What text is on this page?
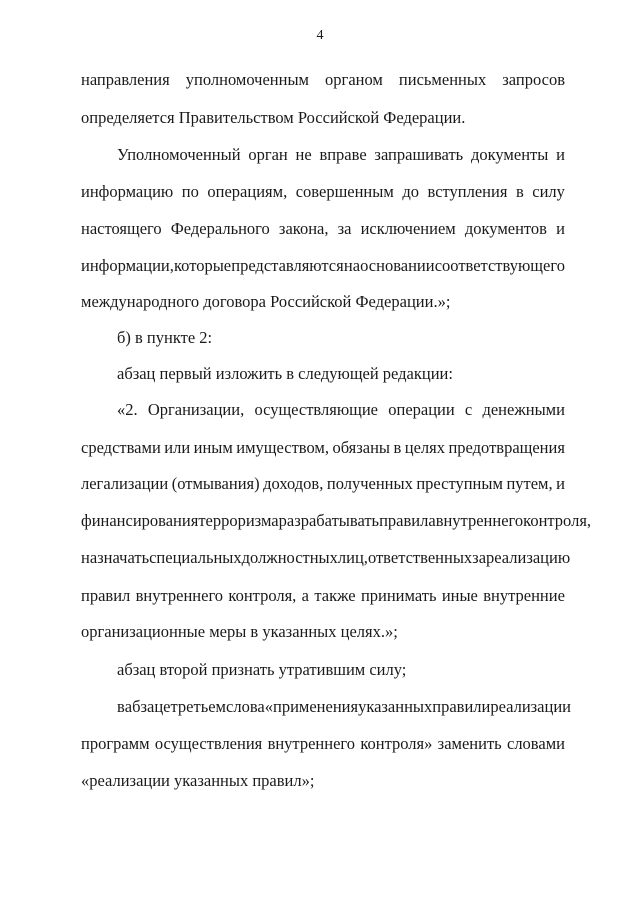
4
направления уполномоченным органом письменных запросов
определяется Правительством Российской Федерации.
Уполномоченный орган не вправе запрашивать документы и
информацию по операциям, совершенным до вступления в силу
настоящего Федерального закона, за исключением документов и
информации, которые представляются на основании соответствующего
международного договора Российской Федерации.»;
б) в пункте 2:
абзац первый изложить в следующей редакции:
«2. Организации, осуществляющие операции с денежными
средствами или иным имуществом, обязаны в целях предотвращения
легализации (отмывания) доходов, полученных преступным путем, и
финансирования терроризма разрабатывать правила внутреннего контроля,
назначать специальных должностных лиц, ответственных за реализацию
правил внутреннего контроля, а также принимать иные внутренние
организационные меры в указанных целях.»;
абзац второй признать утратившим силу;
в абзаце третьем слова «применения указанных правил и реализации
программ осуществления внутреннего контроля» заменить словами
«реализации указанных правил»;
